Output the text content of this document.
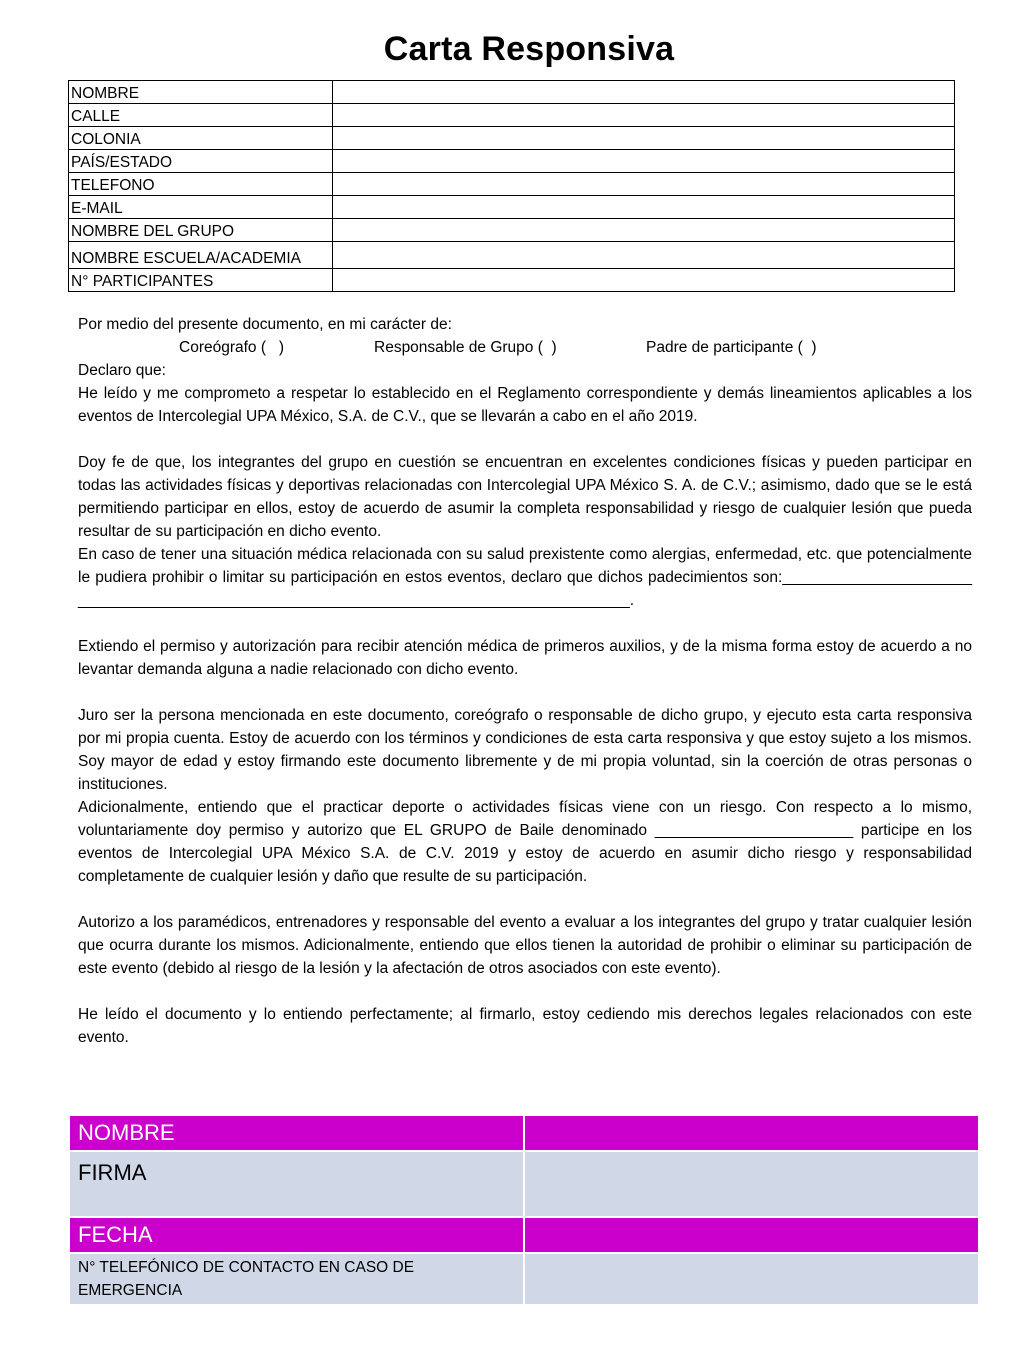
Carta Responsiva
NOMBRE	
CALLE	
COLONIA	
PAÍS/ESTADO	
TELEFONO	
E-MAIL	
NOMBRE DEL GRUPO	
NOMBRE ESCUELA/ACADEMIA	
N° PARTICIPANTES	

Por medio del presente documento, en mi carácter de:

Coreógrafo (   )	Responsable de Grupo (  )	Padre de participante (  )

Declaro que:

He leído y me comprometo a respetar lo establecido en el Reglamento correspondiente y demás lineamientos aplicables a los eventos de Intercolegial UPA México, S.A. de C.V., que se llevarán a cabo en el año 2019.

Doy fe de que, los integrantes del grupo en cuestión se encuentran en excelentes condiciones físicas y pueden participar en todas las actividades físicas y deportivas relacionadas con Intercolegial UPA México S. A. de C.V.; asimismo, dado que se le está permitiendo participar en ellos, estoy de acuerdo de asumir la completa responsabilidad y riesgo de cualquier lesión que pueda resultar de su participación en dicho evento.

En caso de tener una situación médica relacionada con su salud prexistente como alergias, enfermedad, etc. que potencialmente le pudiera prohibir o limitar su participación en estos eventos, declaro que dichos padecimientos son:______________________ ________________________________________________________________.

Extiendo el permiso y autorización para recibir atención médica de primeros auxilios, y de la misma forma estoy de acuerdo a no levantar demanda alguna a nadie relacionado con dicho evento.

Juro ser la persona mencionada en este documento, coreógrafo o responsable de dicho grupo, y ejecuto esta carta responsiva por mi propia cuenta. Estoy de acuerdo con los términos y condiciones de esta carta responsiva y que estoy sujeto a los mismos. Soy mayor de edad y estoy firmando este documento libremente y de mi propia voluntad, sin la coerción de otras personas o instituciones.

Adicionalmente, entiendo que el practicar deporte o actividades físicas viene con un riesgo. Con respecto a lo mismo, voluntariamente doy permiso y autorizo que EL GRUPO de Baile denominado _______________________ participe en los eventos de Intercolegial UPA México S.A. de C.V. 2019 y estoy de acuerdo en asumir dicho riesgo y responsabilidad completamente de cualquier lesión y daño que resulte de su participación.

Autorizo a los paramédicos, entrenadores y responsable del evento a evaluar a los integrantes del grupo y tratar cualquier lesión que ocurra durante los mismos. Adicionalmente, entiendo que ellos tienen la autoridad de prohibir o eliminar su participación de este evento (debido al riesgo de la lesión y la afectación de otros asociados con este evento).

He leído el documento y lo entiendo perfectamente; al firmarlo, estoy cediendo mis derechos legales relacionados con este evento.

NOMBRE	
FIRMA	
FECHA	
N° TELEFÓNICO DE CONTACTO EN CASO DE EMERGENCIA	
